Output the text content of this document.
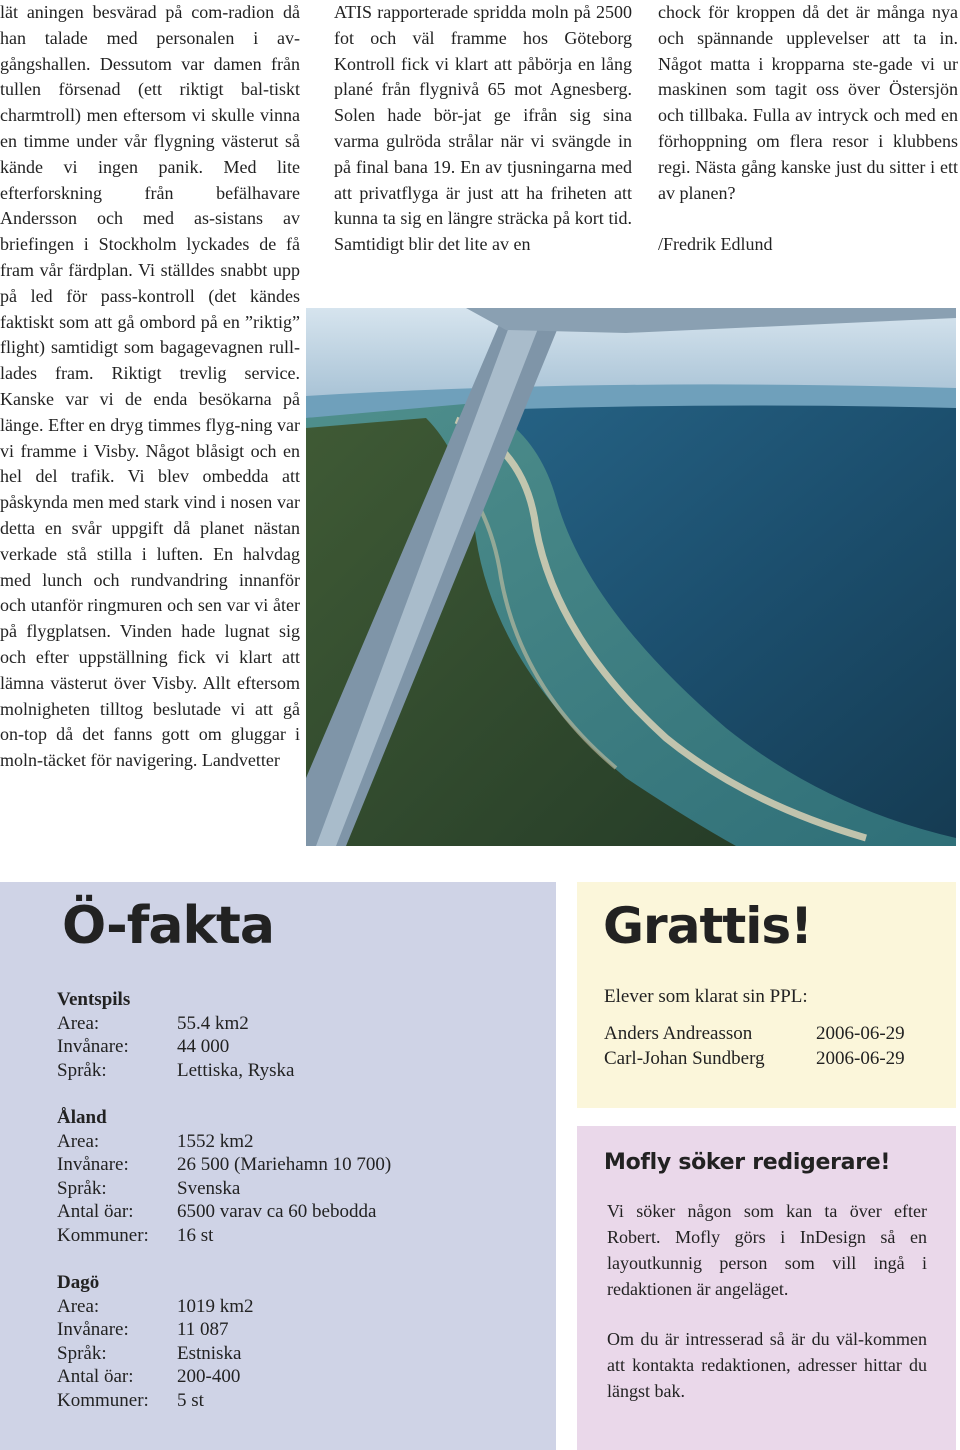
lät aningen besvärad på com-radion då han talade med personalen i av-gångshallen. Dessutom var damen från tullen försenad (ett riktigt bal-tiskt charmtroll) men eftersom vi skulle vinna en timme under vår flygning västerut så kände vi ingen panik. Med lite efterforskning från befälhavare Andersson och med as-sistans av briefingen i Stockholm lyckades de få fram vår färdplan. Vi ställdes snabbt upp på led för pass-kontroll (det kändes faktiskt som att gå ombord på en ”riktig” flight) samtidigt som bagagevagnen rull-lades fram. Riktigt trevlig service. Kanske var vi de enda besökarna på länge. Efter en dryg timmes flyg-ning var vi framme i Visby. Något blåsigt och en hel del trafik. Vi blev ombedda att påskynda men med stark vind i nosen var detta en svår uppgift då planet nästan verkade stå stilla i luften. En halvdag med lunch och rundvandring innanför och utanför ringmuren och sen var vi åter på flygplatsen. Vinden hade lugnat sig och efter uppställning fick vi klart att lämna västerut över Visby. Allt eftersom molnigheten tilltog beslutade vi att gå on-top då det fanns gott om gluggar i moln-täcket för navigering. Landvetter

ATIS rapporterade spridda moln på 2500 fot och väl framme hos Göteborg Kontroll fick vi klart att påbörja en lång plané från flygnivå 65 mot Agnesberg. Solen hade bör-jat ge ifrån sig sina varma gulröda strålar när vi svängde in på final bana 19. En av tjusningarna med att privatflyga är just att ha friheten att kunna ta sig en längre sträcka på kort tid. Samtidigt blir det lite av en

chock för kroppen då det är många nya och spännande upplevelser att ta in. Något matta i kropparna ste-gade vi ur maskinen som tagit oss över Östersjön och tillbaka. Fulla av intryck och med en förhoppning om flera resor i klubbens regi. Nästa gång kanske just du sitter i ett av planen?

/Fredrik Edlund

Ö-fakta
Ventspils
Area:	55.4 km2
Invånare:	44 000
Språk:	Lettiska, Ryska
Åland
Area:	1552 km2
Invånare:	26 500 (Mariehamn 10 700)
Språk:	Svenska
Antal öar:	6500 varav ca 60 bebodda
Kommuner:	16 st
Dagö
Area:	1019 km2
Invånare:	11 087
Språk:	Estniska
Antal öar:	200-400
Kommuner:	5 st
Grattis!
Elever som klarat sin PPL:
Anders Andreasson	2006-06-29
Carl-Johan Sundberg	2006-06-29
Mofly söker redigerare!

Vi söker någon som kan ta över efter Robert. Mofly görs i InDesign så en layoutkunnig person som vill ingå i redaktionen är angeläget.

Om du är intresserad så är du väl-kommen att kontakta redaktionen, adresser hittar du längst bak.
